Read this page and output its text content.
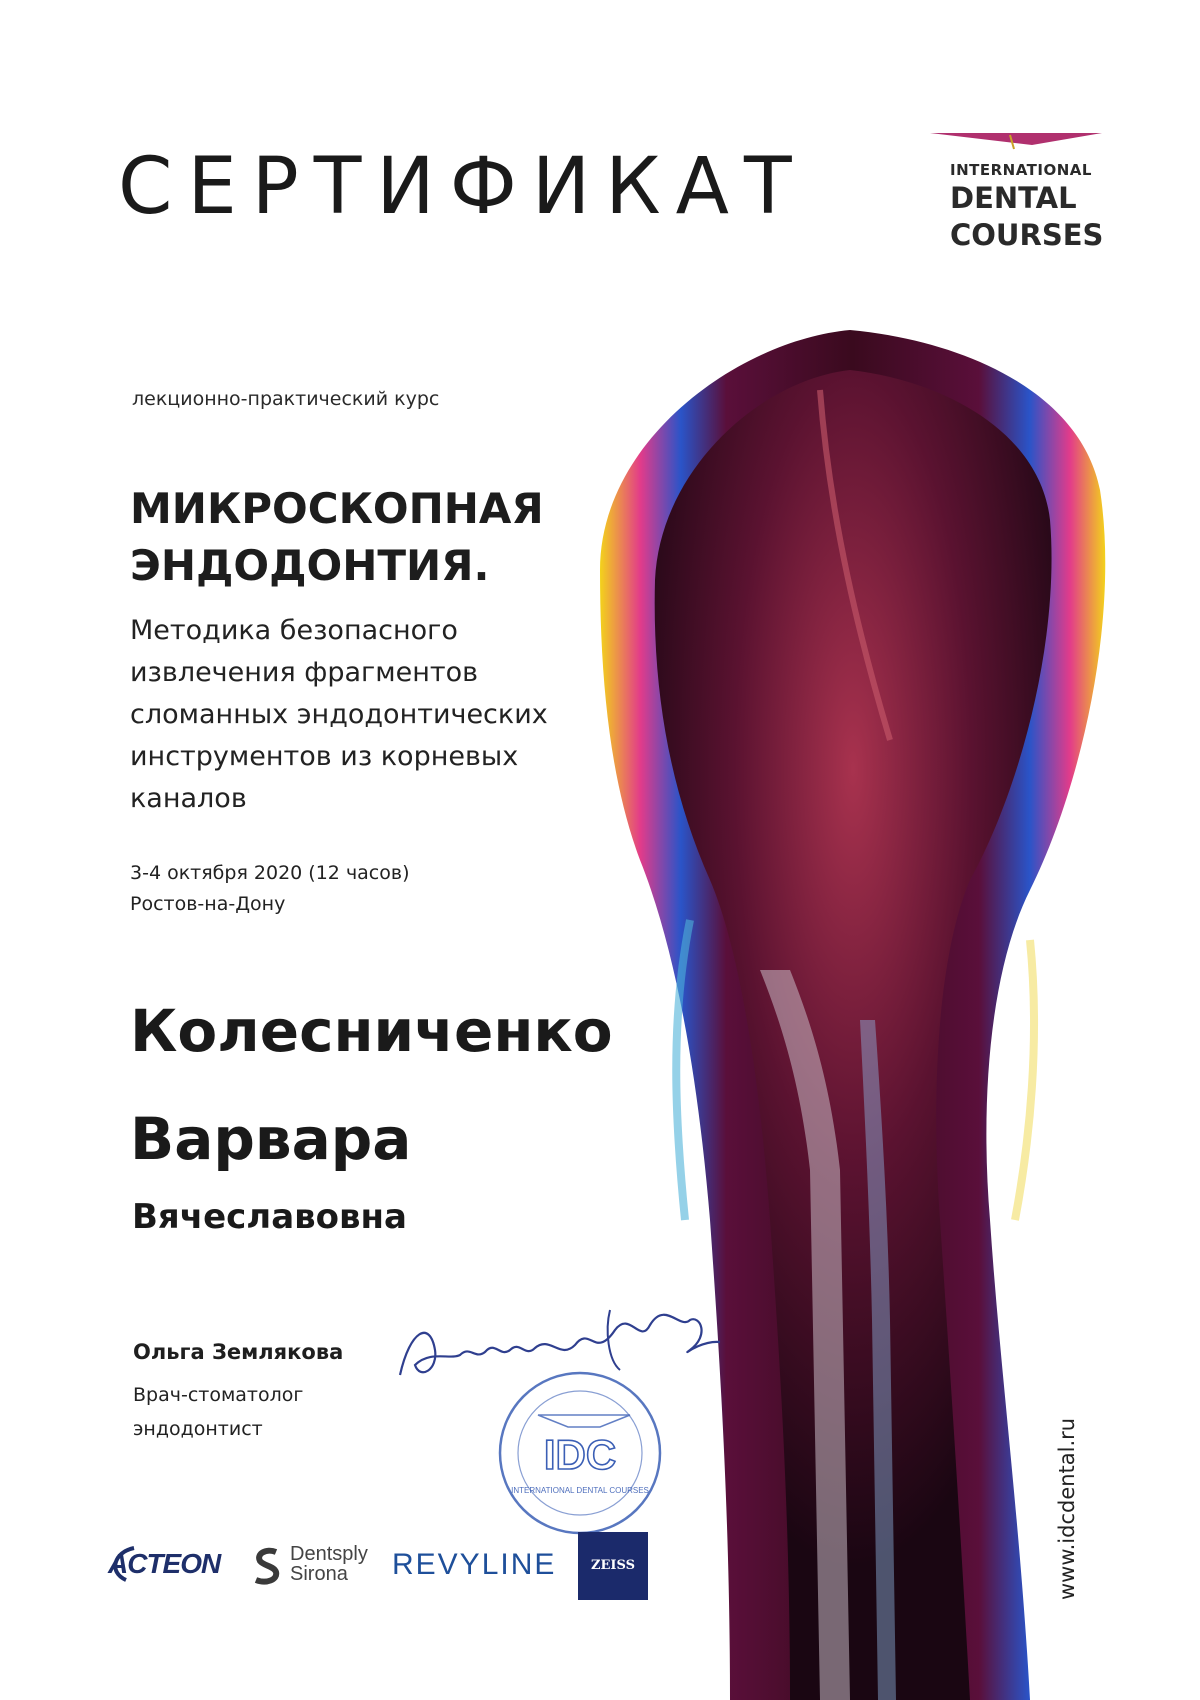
СЕРТИФИКАТ	INTERNATIONAL
DENTAL
COURSES
лекционно-практический курс
МИКРОСКОПНАЯ
ЭНДОДОНТИЯ.
Методика безопасного
извлечения фрагментов
сломанных эндодонтических
инструментов из корневых
каналов
3-4 октября 2020 (12 часов)
Ростов-на-Дону
Колесниченко
Варвара
Вячеславовна
Ольга Землякова
Врач-стоматолог
эндодонтист
IDC
INTERNATIONAL DENTAL COURSES
ACTEON	Dentsply
Sirona	REVYLINE	ZEISS	www.idcdental.ru
